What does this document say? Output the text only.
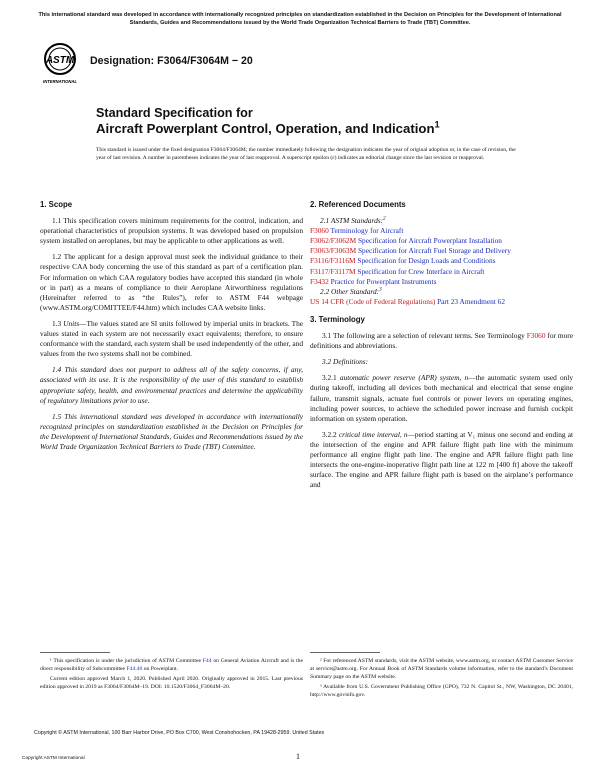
This international standard was developed in accordance with internationally recognized principles on standardization established in the Decision on Principles for the Development of International Standards, Guides and Recommendations issued by the World Trade Organization Technical Barriers to Trade (TBT) Committee.
ASTM
INTERNATIONAL
Designation: F3064/F3064M − 20
Standard Specification for
Aircraft Powerplant Control, Operation, and Indication$^1$
This standard is issued under the fixed designation F3064/F3064M; the number immediately following the designation indicates the year of original adoption or, in the case of revision, the year of last revision. A number in parentheses indicates the year of last reapproval. A superscript epsilon (ε) indicates an editorial change since the last revision or reapproval.
1. Scope

1.1 This specification covers minimum requirements for the control, indication, and operational characteristics of propulsion systems. It was developed based on propulsion system installed on aeroplanes, but may be applicable to other applications as well.

1.2 The applicant for a design approval must seek the individual guidance to their respective CAA body concerning the use of this standard as part of a certification plan. For information on which CAA regulatory bodies have accepted this standard (in whole or in part) as a means of compliance to their Aeroplane Airworthiness regulations (Hereinafter referred to as “the Rules”), refer to ASTM F44 webpage (www.ASTM.org/COMITTEE/F44.htm) which includes CAA website links.

1.3 Units—The values stated are SI units followed by imperial units in brackets. The values stated in each system are not necessarily exact equivalents; therefore, to ensure conformance with the standard, each system shall be used independently of the other, and values from the two systems shall not be combined.

1.4 This standard does not purport to address all of the safety concerns, if any, associated with its use. It is the responsibility of the user of this standard to establish appropriate safety, health, and environmental practices and determine the applicability of regulatory limitations prior to use.

1.5 This international standard was developed in accordance with internationally recognized principles on standardization established in the Decision on Principles for the Development of International Standards, Guides and Recommendations issued by the World Trade Organization Technical Barriers to Trade (TBT) Committee.

2. Referenced Documents

2.1 ASTM Standards:$^2$

F3060 Terminology for Aircraft

F3062/F3062M Specification for Aircraft Powerplant Installation

F3063/F3063M Specification for Aircraft Fuel Storage and Delivery

F3116/F3116M Specification for Design Loads and Conditions

F3117/F3117M Specification for Crew Interface in Aircraft

F3432 Practice for Powerplant Instruments

2.2 Other Standard:$^3$

US 14 CFR (Code of Federal Regulations) Part 23 Amendment 62

3. Terminology

3.1 The following are a selection of relevant terms. See Terminology F3060 for more definitions and abbreviations.

3.2 Definitions:

3.2.1 automatic power reserve (APR) system, n—the automatic system used only during takeoff, including all devices both mechanical and electrical that sense engine failure, transmit signals, actuate fuel controls or power levers on operating engines, including power sources, to achieve the scheduled power increase and furnish cockpit information on system operation.

3.2.2 critical time interval, n—period starting at V₁ minus one second and ending at the intersection of the engine and APR failure flight path line with the minimum performance all engine flight path line. The engine and APR failure flight path line intersects the one-engine-inoperative flight path line at 122 m [400 ft] above the takeoff surface. The engine and APR failure flight path is based on the airplane’s performance and

¹ This specification is under the jurisdiction of ASTM Committee F44 on General Aviation Aircraft and is the direct responsibility of Subcommittee F44.40 on Powerplant.

Current edition approved March 1, 2020. Published April 2020. Originally approved in 2015. Last previous edition approved in 2019 as F3064/F3064M–19. DOI: 10.1520/F3064_F3064M–20.

² For referenced ASTM standards, visit the ASTM website, www.astm.org, or contact ASTM Customer Service at service@astm.org. For Annual Book of ASTM Standards volume information, refer to the standard’s Document Summary page on the ASTM website.

³ Available from U.S. Government Publishing Office (GPO), 732 N. Capitol St., NW, Washington, DC 20401, http://www.govinfo.gov.

Copyright © ASTM International, 100 Barr Harbor Drive, PO Box C700, West Conshohocken, PA 19428-2959. United States
Copyright ASTM International	1
